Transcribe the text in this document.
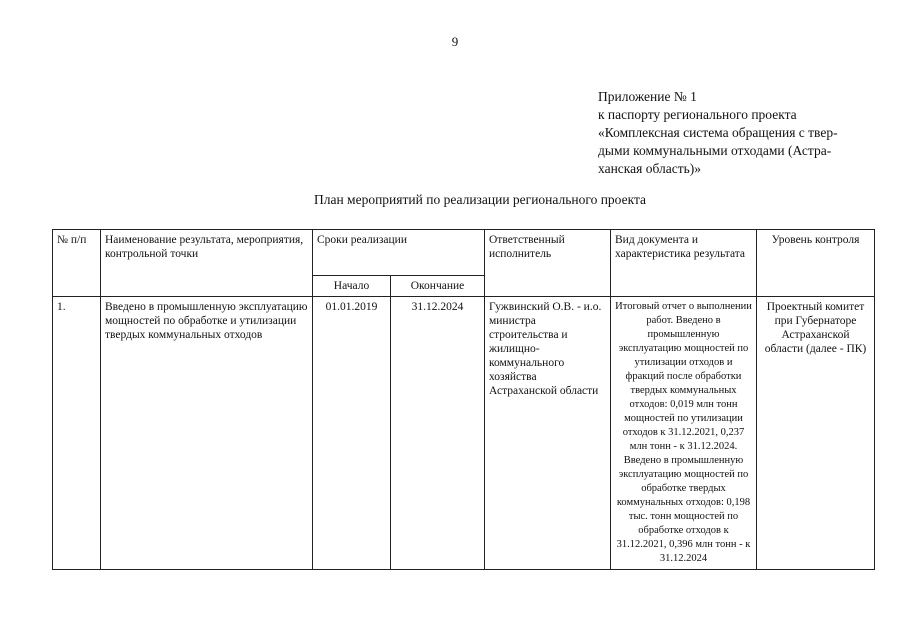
9
Приложение № 1
к паспорту регионального проекта
«Комплексная система обращения с твер-
дыми коммунальными отходами (Астра-
ханская область)»
План мероприятий по реализации регионального проекта
№ п/п	Наименование результата, мероприятия, контрольной точки	Сроки реализации		Ответственный исполнитель	Вид документа и характеристика результата	Уровень контроля
		Начало	Окончание			
1.	Введено в промышленную эксплуатацию мощностей по обработке и утилизации твердых коммунальных отходов	01.01.2019	31.12.2024	Гужвинский О.В. - и.о. министра строительства и жилищно-коммунального хозяйства Астраханской области	Итоговый отчет о выполнении работ. Введено в промышленную эксплуатацию мощностей по утилизации отходов и фракций после обработки твердых коммунальных отходов: 0,019 млн тонн мощностей по утилизации отходов к 31.12.2021, 0,237 млн тонн - к 31.12.2024. Введено в промышленную эксплуатацию мощностей по обработке твердых коммунальных отходов: 0,198 тыс. тонн мощностей по обработке отходов к 31.12.2021, 0,396 млн тонн - к 31.12.2024	Проектный комитет при Губернаторе Астраханской области (далее - ПК)
